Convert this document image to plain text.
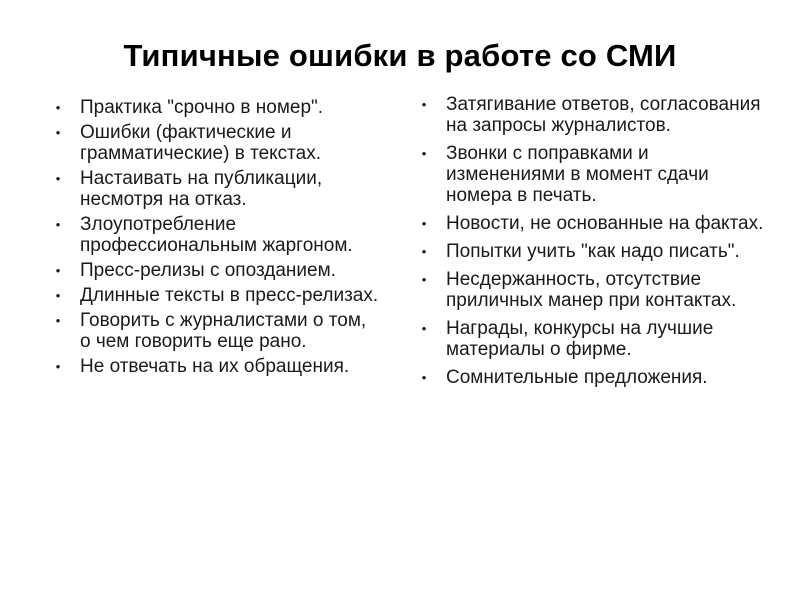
Типичные ошибки в работе со СМИ
•	Практика "срочно в номер".
•	Ошибки (фактические и грамматические) в текстах.
•	Настаивать на публикации, несмотря на отказ.
•	Злоупотребление профессиональным жаргоном.
•	Пресс-релизы с опозданием.
•	Длинные тексты в пресс-релизах.
•	Говорить с журналистами о том, о чем говорить еще рано.
•	Не отвечать на их обращения.
•	Затягивание ответов, согласования на запросы журналистов.
•	Звонки с поправками и изменениями в момент сдачи номера в печать.
•	Новости, не основанные на фактах.
•	Попытки учить "как надо писать".
•	Несдержанность, отсутствие приличных манер при контактах.
•	Награды, конкурсы на лучшие материалы о фирме.
•	Сомнительные предложения.
